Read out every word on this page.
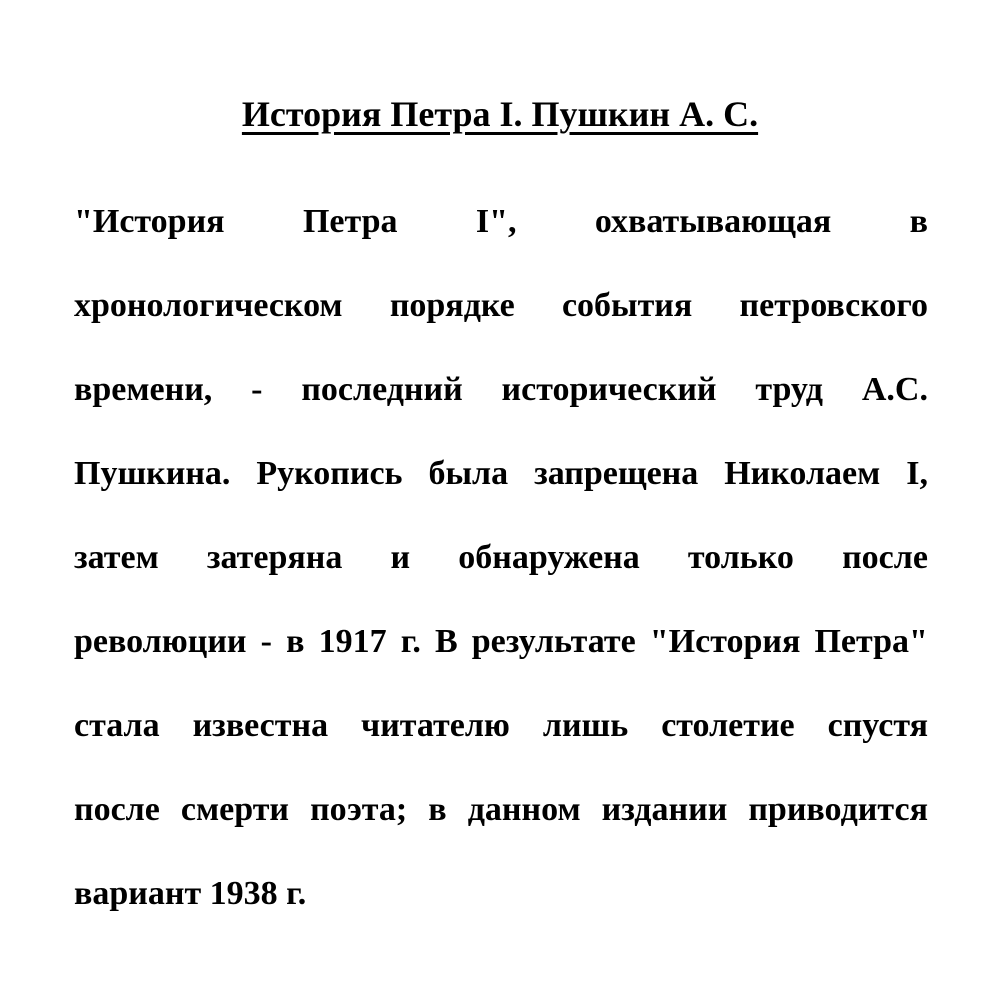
История Петра I. Пушкин А. С.
"История Петра I", охватывающая в
хронологическом порядке события петровского
времени, - последний исторический труд А.С.
Пушкина. Рукопись была запрещена Николаем I,
затем затеряна и обнаружена только после
революции - в 1917 г. В результате "История Петра"
стала известна читателю лишь столетие спустя
после смерти поэта; в данном издании приводится
вариант 1938 г.
